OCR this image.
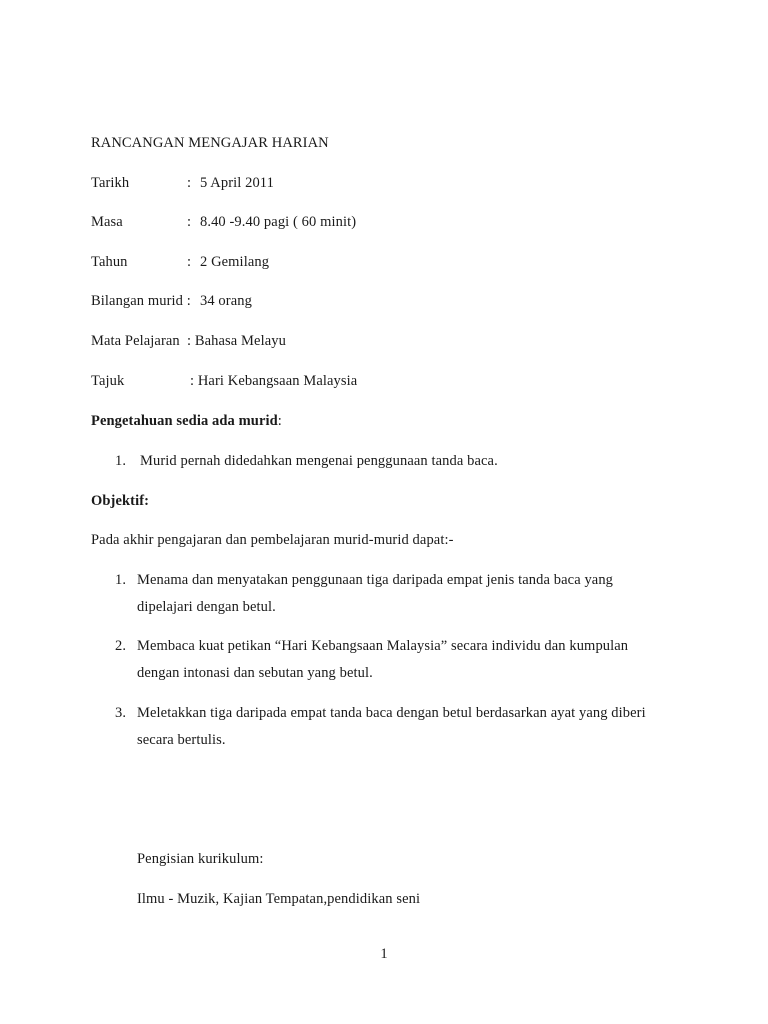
RANCANGAN MENGAJAR HARIAN
Tarikh	: 5 April 2011
Masa	: 8.40 -9.40 pagi ( 60 minit)
Tahun	: 2 Gemilang
Bilangan murid : 34 orang
Mata Pelajaran : Bahasa Melayu
Tajuk	: Hari Kebangsaan Malaysia
Pengetahuan sedia ada murid:
1. Murid pernah didedahkan mengenai penggunaan tanda baca.
Objektif:
Pada akhir pengajaran dan pembelajaran murid-murid dapat:-
1. Menama dan menyatakan penggunaan tiga daripada empat jenis tanda baca yang
dipelajari dengan betul.
2. Membaca kuat petikan “Hari Kebangsaan Malaysia” secara individu dan kumpulan
dengan intonasi dan sebutan yang betul.
3. Meletakkan tiga daripada empat tanda baca dengan betul berdasarkan ayat yang diberi
secara bertulis.
Pengisian kurikulum:
Ilmu - Muzik, Kajian Tempatan,pendidikan seni
1
